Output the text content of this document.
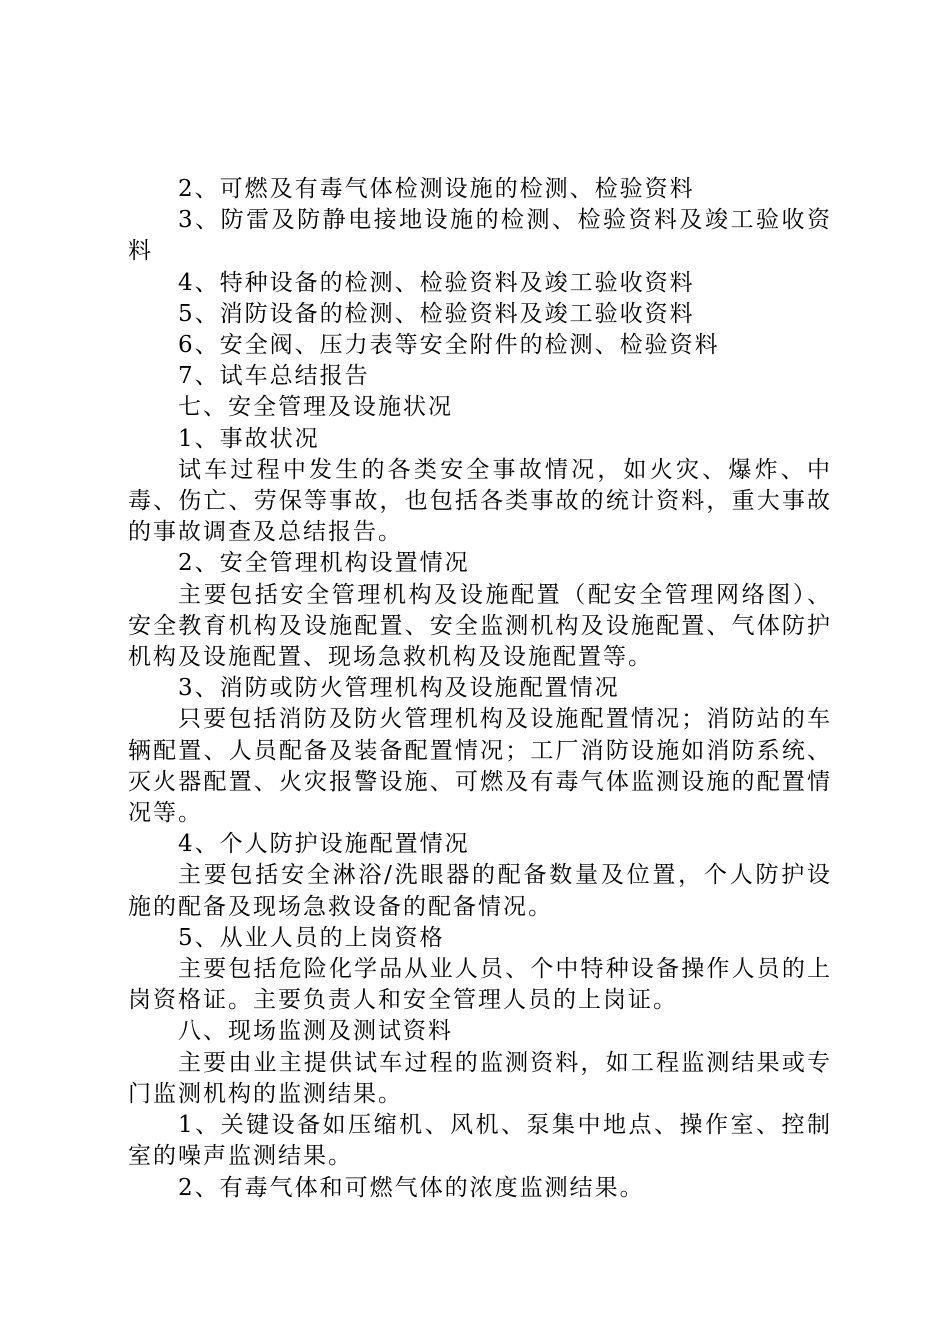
2、可燃及有毒气体检测设施的检测、检验资料

3、防雷及防静电接地设施的检测、检验资料及竣工验收资料

4、特种设备的检测、检验资料及竣工验收资料

5、消防设备的检测、检验资料及竣工验收资料

6、安全阀、压力表等安全附件的检测、检验资料

7、试车总结报告

七、安全管理及设施状况

1、事故状况

试车过程中发生的各类安全事故情况，如火灾、爆炸、中毒、伤亡、劳保等事故，也包括各类事故的统计资料，重大事故的事故调查及总结报告。

2、安全管理机构设置情况

主要包括安全管理机构及设施配置（配安全管理网络图）、安全教育机构及设施配置、安全监测机构及设施配置、气体防护机构及设施配置、现场急救机构及设施配置等。

3、消防或防火管理机构及设施配置情况

只要包括消防及防火管理机构及设施配置情况；消防站的车辆配置、人员配备及装备配置情况；工厂消防设施如消防系统、灭火器配置、火灾报警设施、可燃及有毒气体监测设施的配置情况等。

4、个人防护设施配置情况

主要包括安全淋浴/洗眼器的配备数量及位置，个人防护设施的配备及现场急救设备的配备情况。

5、从业人员的上岗资格

主要包括危险化学品从业人员、个中特种设备操作人员的上岗资格证。主要负责人和安全管理人员的上岗证。

八、现场监测及测试资料

主要由业主提供试车过程的监测资料，如工程监测结果或专门监测机构的监测结果。

1、关键设备如压缩机、风机、泵集中地点、操作室、控制室的噪声监测结果。

2、有毒气体和可燃气体的浓度监测结果。
